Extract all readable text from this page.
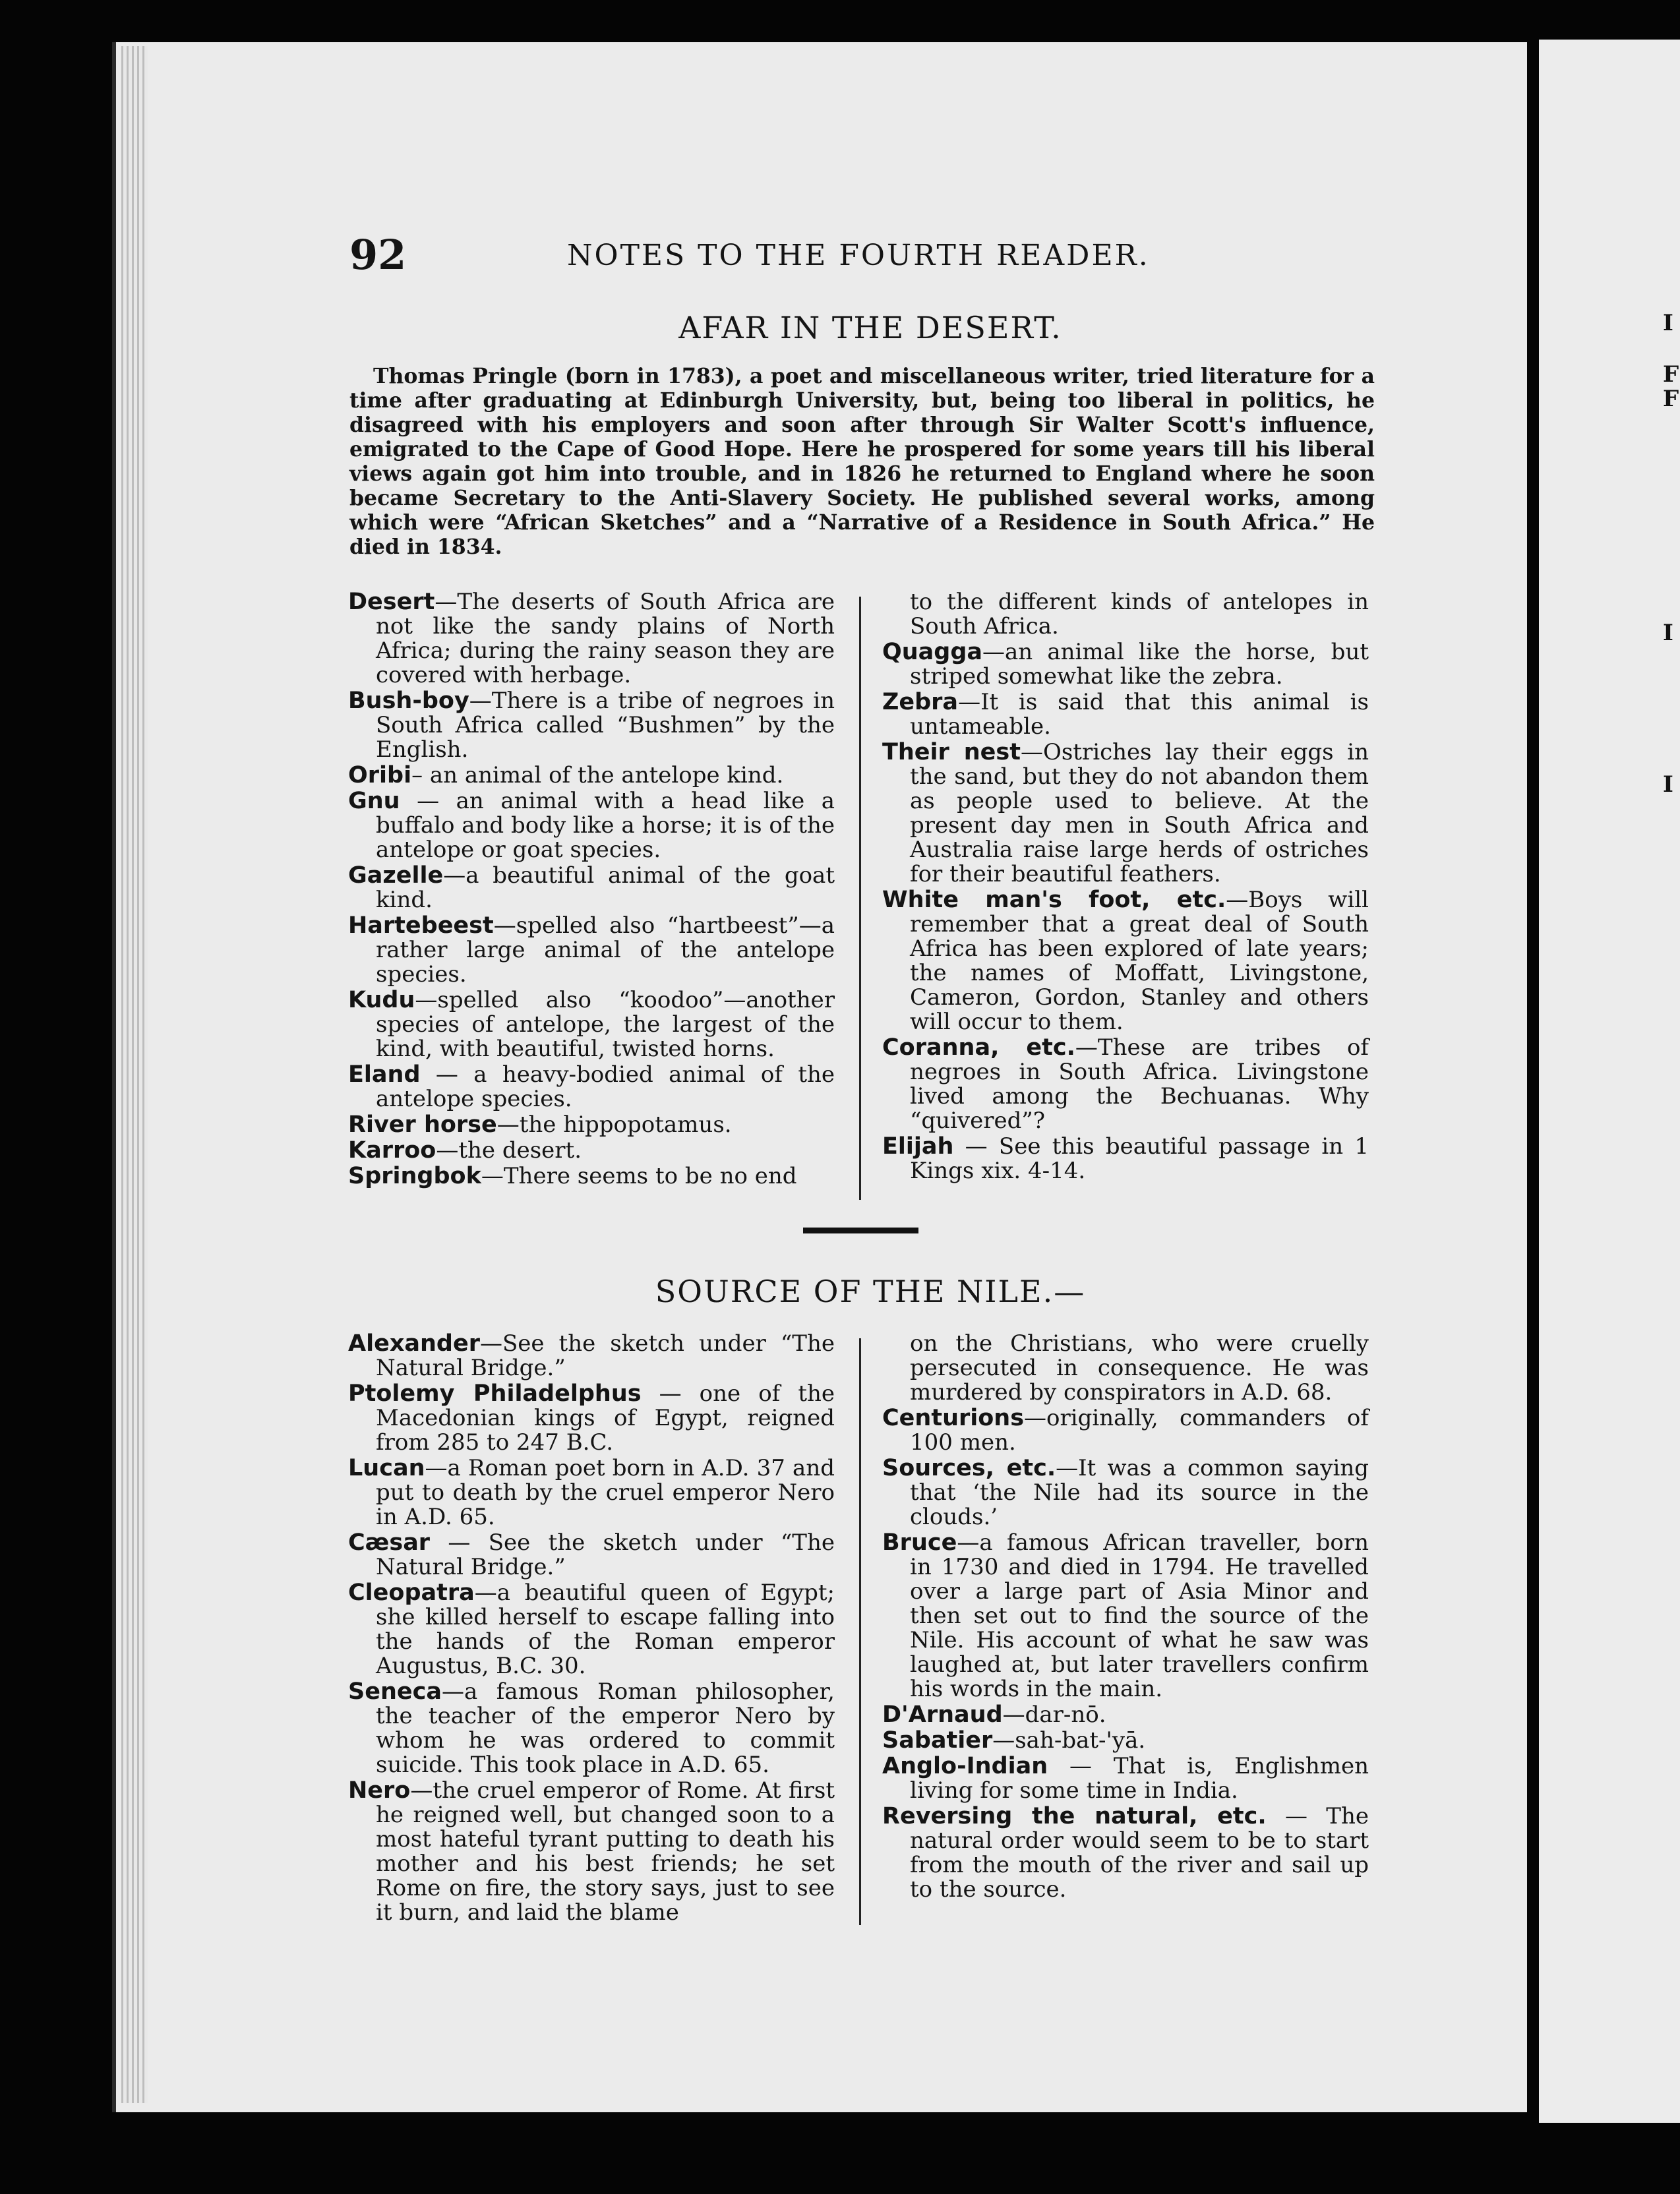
I
F
F
I
I
92	NOTES TO THE FOURTH READER.
AFAR IN THE DESERT.

Thomas Pringle (born in 1783), a poet and miscellaneous writer, tried literature for a time after graduating at Edinburgh University, but, being too liberal in politics, he disagreed with his employers and soon after through Sir Walter Scott's influence, emigrated to the Cape of Good Hope. Here he prospered for some years till his liberal views again got him into trouble, and in 1826 he returned to England where he soon became Secretary to the Anti-Slavery Society. He published several works, among which were “African Sketches” and a “Narrative of a Residence in South Africa.” He died in 1834.

Desert—The deserts of South Africa are not like the sandy plains of North Africa; during the rainy season they are covered with herbage.

Bush-boy—There is a tribe of negroes in South Africa called “Bushmen” by the English.

Oribi– an animal of the antelope kind.

Gnu — an animal with a head like a buffalo and body like a horse; it is of the antelope or goat species.

Gazelle—a beautiful animal of the goat kind.

Hartebeest—spelled also “hartbeest”—a rather large animal of the antelope species.

Kudu—spelled also “koodoo”—another species of antelope, the largest of the kind, with beautiful, twisted horns.

Eland — a heavy-bodied animal of the antelope species.

River horse—the hippopotamus.

Karroo—the desert.

Springbok—There seems to be no end

to the different kinds of antelopes in South Africa.

Quagga—an animal like the horse, but striped somewhat like the zebra.

Zebra—It is said that this animal is untameable.

Their nest—Ostriches lay their eggs in the sand, but they do not abandon them as people used to believe. At the present day men in South Africa and Australia raise large herds of ostriches for their beautiful feathers.

White man's foot, etc.—Boys will remember that a great deal of South Africa has been explored of late years; the names of Moffatt, Livingstone, Cameron, Gordon, Stanley and others will occur to them.

Coranna, etc.—These are tribes of negroes in South Africa. Livingstone lived among the Bechuanas. Why “quivered”?

Elijah — See this beautiful passage in 1 Kings xix. 4-14.

SOURCE OF THE NILE.—

Alexander—See the sketch under “The Natural Bridge.”

Ptolemy Philadelphus — one of the Macedonian kings of Egypt, reigned from 285 to 247 B.C.

Lucan—a Roman poet born in A.D. 37 and put to death by the cruel emperor Nero in A.D. 65.

Cæsar — See the sketch under “The Natural Bridge.”

Cleopatra—a beautiful queen of Egypt; she killed herself to escape falling into the hands of the Roman emperor Augustus, B.C. 30.

Seneca—a famous Roman philosopher, the teacher of the emperor Nero by whom he was ordered to commit suicide. This took place in A.D. 65.

Nero—the cruel emperor of Rome. At first he reigned well, but changed soon to a most hateful tyrant putting to death his mother and his best friends; he set Rome on fire, the story says, just to see it burn, and laid the blame

on the Christians, who were cruelly persecuted in consequence. He was murdered by conspirators in A.D. 68.

Centurions—originally, commanders of 100 men.

Sources, etc.—It was a common saying that ‘the Nile had its source in the clouds.’

Bruce—a famous African traveller, born in 1730 and died in 1794. He travelled over a large part of Asia Minor and then set out to find the source of the Nile. His account of what he saw was laughed at, but later travellers confirm his words in the main.

D'Arnaud—dar-nō.

Sabatier—sah-bat-'yā.

Anglo-Indian — That is, Englishmen living for some time in India.

Reversing the natural, etc. — The natural order would seem to be to start from the mouth of the river and sail up to the source.
